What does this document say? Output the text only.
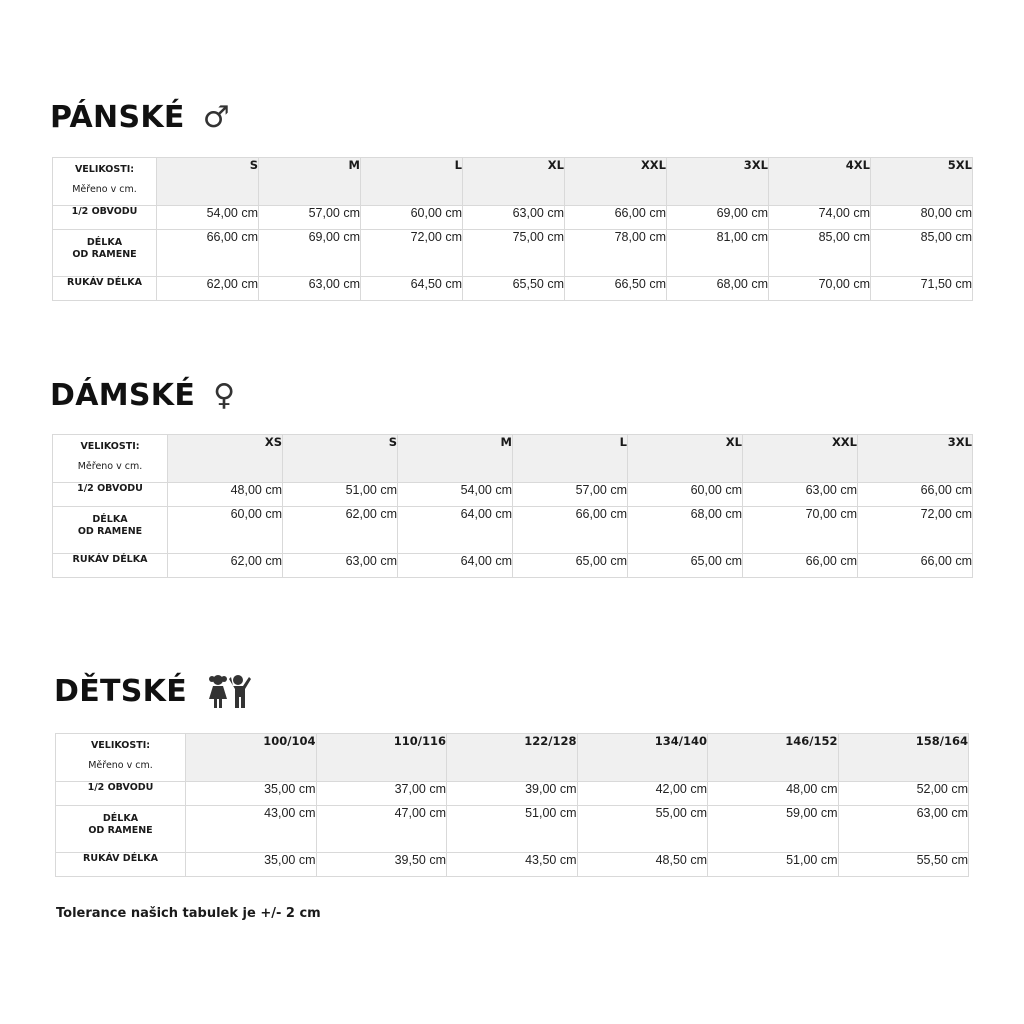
PÁNSKÉ ♂
VELIKOSTI:
Měřeno v cm.	S	M	L	XL	XXL	3XL	4XL	5XL

1/2 OBVODU	54,00 cm	57,00 cm	60,00 cm	63,00 cm	66,00 cm	69,00 cm	74,00 cm	80,00 cm

DÉLKA
OD RAMENE	66,00 cm	69,00 cm	72,00 cm	75,00 cm	78,00 cm	81,00 cm	85,00 cm	85,00 cm

RUKÁV DÉLKA	62,00 cm	63,00 cm	64,50 cm	65,50 cm	66,50 cm	68,00 cm	70,00 cm	71,50 cm
DÁMSKÉ ♀
VELIKOSTI:
Měřeno v cm.	XS	S	M	L	XL	XXL	3XL

1/2 OBVODU	48,00 cm	51,00 cm	54,00 cm	57,00 cm	60,00 cm	63,00 cm	66,00 cm

DÉLKA
OD RAMENE	60,00 cm	62,00 cm	64,00 cm	66,00 cm	68,00 cm	70,00 cm	72,00 cm

RUKÁV DÉLKA	62,00 cm	63,00 cm	64,00 cm	65,00 cm	65,00 cm	66,00 cm	66,00 cm
DĚTSKÉ
VELIKOSTI:
Měřeno v cm.	100/104	110/116	122/128	134/140	146/152	158/164

1/2 OBVODU	35,00 cm	37,00 cm	39,00 cm	42,00 cm	48,00 cm	52,00 cm

DÉLKA
OD RAMENE	43,00 cm	47,00 cm	51,00 cm	55,00 cm	59,00 cm	63,00 cm

RUKÁV DÉLKA	35,00 cm	39,50 cm	43,50 cm	48,50 cm	51,00 cm	55,50 cm

Tolerance našich tabulek je +/- 2 cm
